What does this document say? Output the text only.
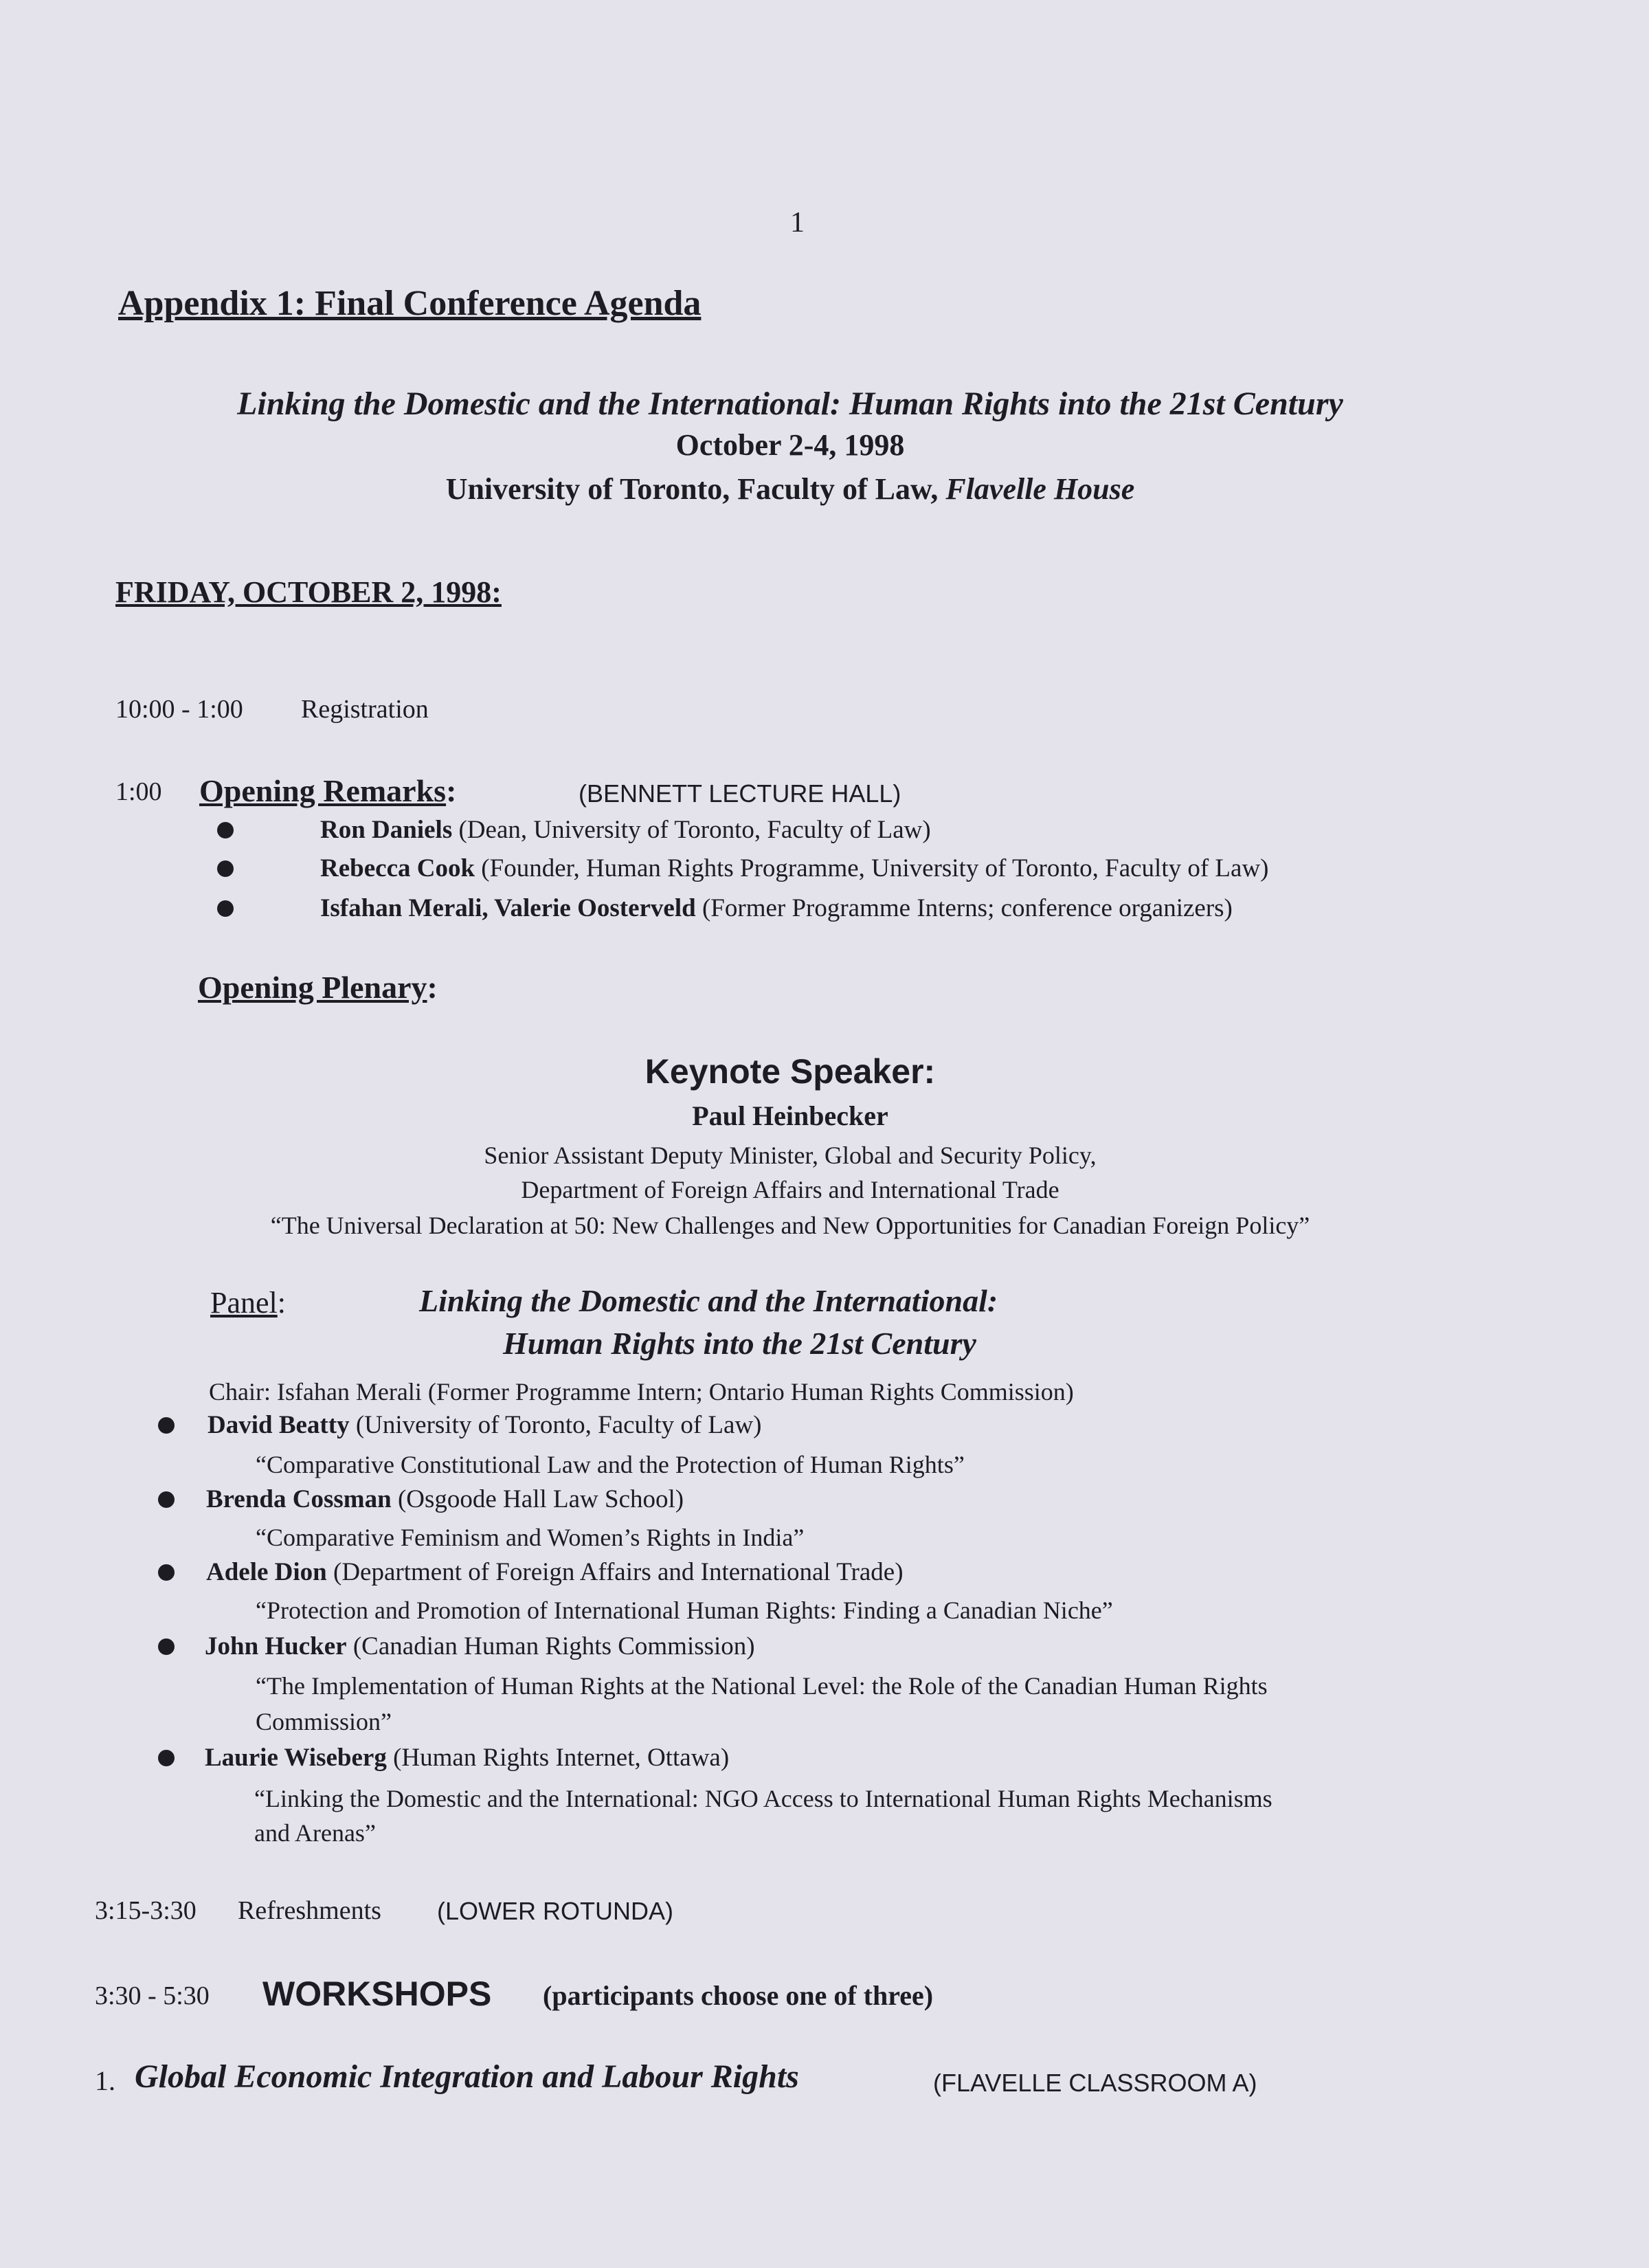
1
Appendix 1: Final Conference Agenda
Linking the Domestic and the International: Human Rights into the 21st Century
October 2-4, 1998
University of Toronto, Faculty of Law, Flavelle House
FRIDAY, OCTOBER 2, 1998:
10:00 - 1:00 Registration
1:00 Opening Remarks:	(BENNETT LECTURE HALL)
Ron Daniels (Dean, University of Toronto, Faculty of Law)
Rebecca Cook (Founder, Human Rights Programme, University of Toronto, Faculty of Law)
Isfahan Merali, Valerie Oosterveld (Former Programme Interns; conference organizers)
Opening Plenary:
Keynote Speaker:
Paul Heinbecker
Senior Assistant Deputy Minister, Global and Security Policy,
Department of Foreign Affairs and International Trade
“The Universal Declaration at 50: New Challenges and New Opportunities for Canadian Foreign Policy”
Panel:	Linking the Domestic and the International:
Human Rights into the 21st Century
Chair: Isfahan Merali (Former Programme Intern; Ontario Human Rights Commission)
David Beatty (University of Toronto, Faculty of Law)
“Comparative Constitutional Law and the Protection of Human Rights”
Brenda Cossman (Osgoode Hall Law School)
“Comparative Feminism and Women’s Rights in India”
Adele Dion (Department of Foreign Affairs and International Trade)
“Protection and Promotion of International Human Rights: Finding a Canadian Niche”
John Hucker (Canadian Human Rights Commission)
“The Implementation of Human Rights at the National Level: the Role of the Canadian Human Rights
Commission”
Laurie Wiseberg (Human Rights Internet, Ottawa)
“Linking the Domestic and the International: NGO Access to International Human Rights Mechanisms
and Arenas”
3:15-3:30 Refreshments (LOWER ROTUNDA)
3:30 - 5:30 WORKSHOPS (participants choose one of three)
1. Global Economic Integration and Labour Rights	(FLAVELLE CLASSROOM A)
